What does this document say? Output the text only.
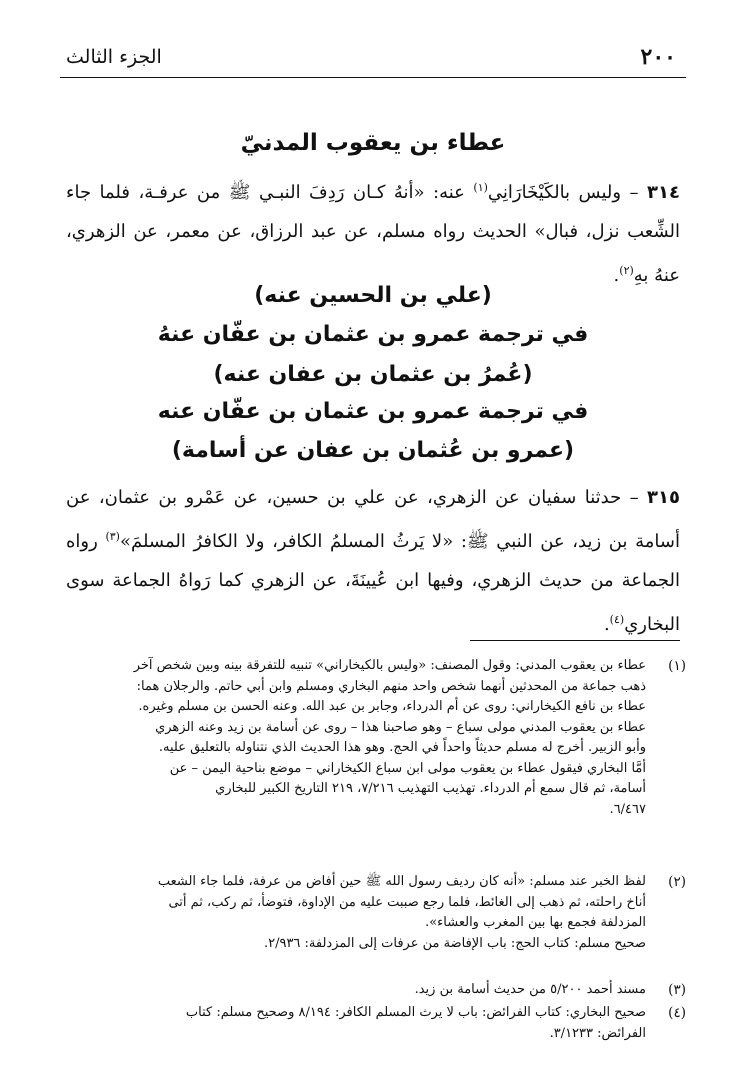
٢٠٠
الجزء الثالث
عطاء بن يعقوب المدنيّ
٣١٤ – وليس بالكَيْخَارَانِي$^{(١)}$ عنه: «أنهُ كـان رَدِفَ النبـي ﷺ من عرفـة، فلما جاء الشِّعب نزل، فبال» الحديث رواه مسلم، عن عبد الرزاق، عن معمر، عن الزهري، عنهُ بهِ$^{(٢)}$.
(علي بن الحسين عنه)
في ترجمة عمرو بن عثمان بن عفّان عنهُ
(عُمرُ بن عثمان بن عفان عنه)
في ترجمة عمرو بن عثمان بن عفّان عنه
(عمرو بن عُثمان بن عفان عن أسامة)
٣١٥ – حدثنا سفيان عن الزهري، عن علي بن حسين، عن عَمْرو بن عثمان، عن أسامة بن زيد، عن النبي ﷺ: «لا يَرثُ المسلمُ الكافر، ولا الكافرُ المسلمَ»$^{(٣)}$ رواه الجماعة من حديث الزهري، وفيها ابن عُيينَةَ، عن الزهري كما رَواهُ الجماعة سوى البخاري$^{(٤)}$.
(١)
عطاء بن يعقوب المدني: وقول المصنف: «وليس بالكيخاراني» تنبيه للتفرقة بينه وبين شخص آخر
ذهب جماعة من المحدثين أنهما شخص واحد منهم البخاري ومسلم وابن أبي حاتم. والرجلان هما:
عطاء بن نافع الكيخاراني: روى عن أم الدرداء، وجابر بن عبد الله. وعنه الحسن بن مسلم وغيره.
عطاء بن يعقوب المدني مولى سباع – وهو صاحبنا هذا – روى عن أسامة بن زيد وعنه الزهري
وأبو الزبير. أخرج له مسلم حديثاً واحداً في الحج. وهو هذا الحديث الذي نتناوله بالتعليق عليه.
أمَّا البخاري فيقول عطاء بن يعقوب مولى ابن سباع الكيخاراني – موضع بناحية اليمن – عن
أسامة، ثم قال سمع أم الدرداء. تهذيب التهذيب ٧/٢١٦، ٢١٩ التاريخ الكبير للبخاري
٦/٤٦٧.
(٢)
لفظ الخبر عند مسلم: «أنه كان رديف رسول الله ﷺ حين أفاض من عرفة، فلما جاء الشعب
أناخ راحلته، ثم ذهب إلى الغائط، فلما رجع صببت عليه من الإداوة، فتوضأ، ثم ركب، ثم أتى
المزدلفة فجمع بها بين المغرب والعشاء».
صحيح مسلم: كتاب الحج: باب الإفاضة من عرفات إلى المزدلفة: ٢/٩٣٦.
(٣)
مسند أحمد ٥/٢٠٠ من حديث أسامة بن زيد.
(٤)
صحيح البخاري: كتاب الفرائض: باب لا يرث المسلم الكافر: ٨/١٩٤ وصحيح مسلم: كتاب
الفرائض: ٣/١٢٣٣.
